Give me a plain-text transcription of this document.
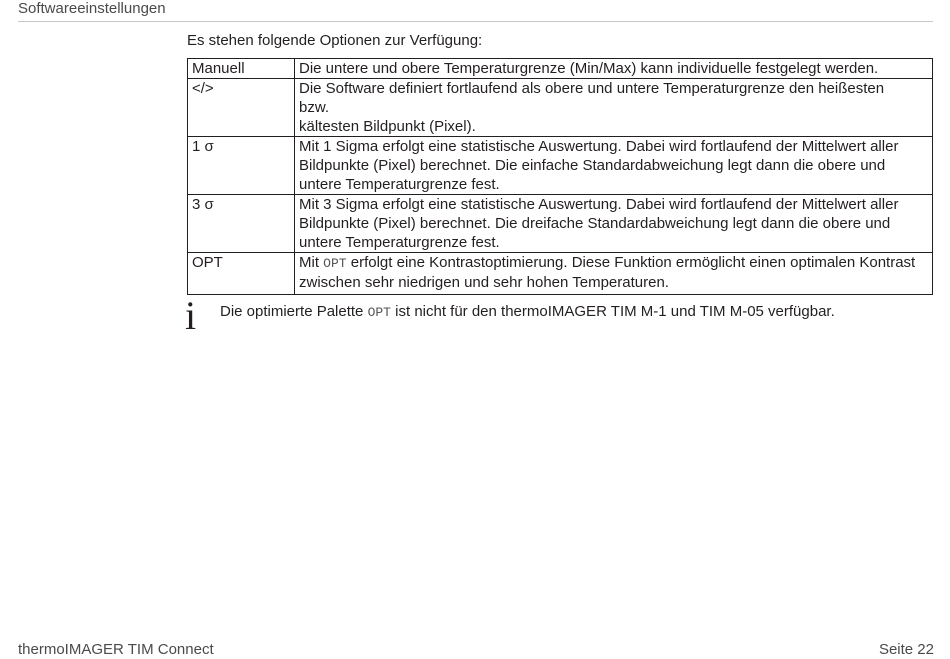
Softwareeinstellungen
Es stehen folgende Optionen zur Verfügung:
Manuell	Die untere und obere Temperaturgrenze (Min/Max) kann individuelle festgelegt werden.
</>	Die Software definiert fortlaufend als obere und untere Temperaturgrenze den heißesten
bzw.
kältesten Bildpunkt (Pixel).

1 σ	Mit 1 Sigma erfolgt eine statistische Auswertung. Dabei wird fortlaufend der Mittelwert aller Bildpunkte (Pixel) berechnet. Die einfache Standardabweichung legt dann die obere und untere Temperaturgrenze fest.
3 σ	Mit 3 Sigma erfolgt eine statistische Auswertung. Dabei wird fortlaufend der Mittelwert aller Bildpunkte (Pixel) berechnet. Die dreifache Standardabweichung legt dann die obere und untere Temperaturgrenze fest.
OPT	Mit OPT erfolgt eine Kontrastoptimierung. Diese Funktion ermöglicht einen optimalen Kontrast zwischen sehr niedrigen und sehr hohen Temperaturen.
i Die optimierte Palette OPT ist nicht für den thermoIMAGER TIM M-1 und TIM M-05 verfügbar.
thermoIMAGER TIM Connect	Seite 22
